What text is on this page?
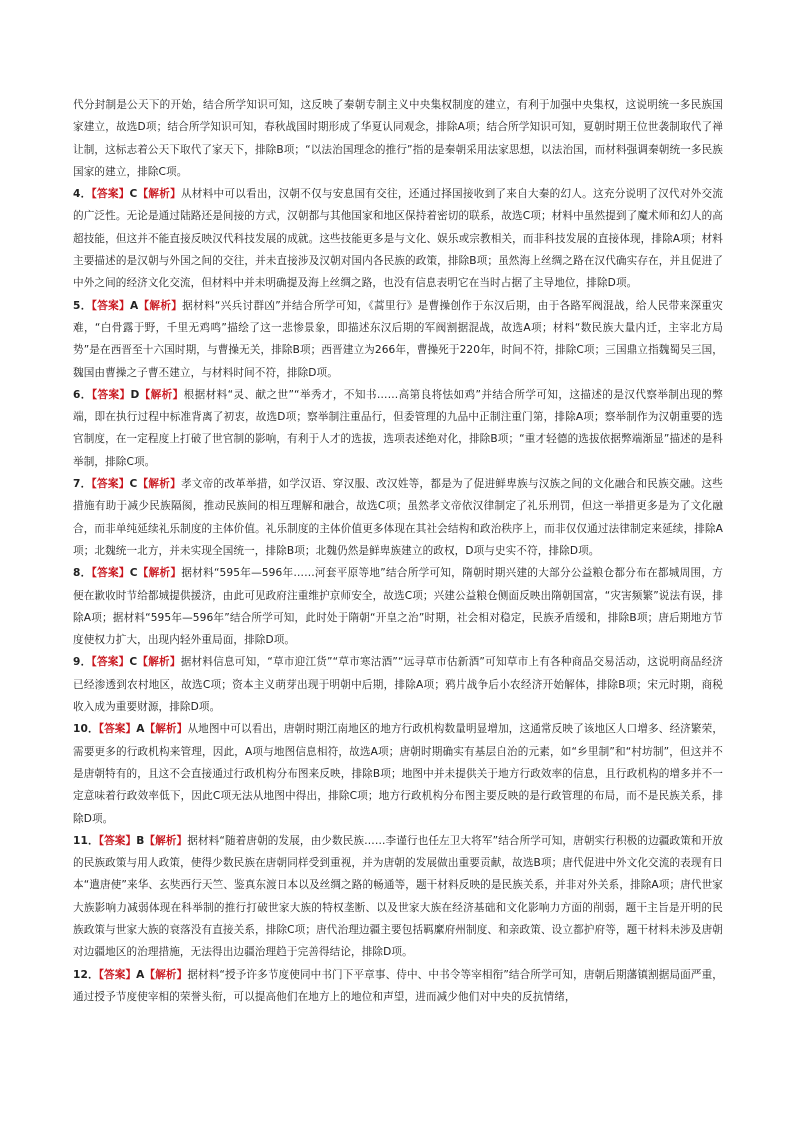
代分封制是公天下的开始，结合所学知识可知，这反映了秦朝专制主义中央集权制度的建立，有利于加强中央集权，这说明统一多民族国家建立，故选D项；结合所学知识可知，春秋战国时期形成了华夏认同观念，排除A项；结合所学知识可知，夏朝时期王位世袭制取代了禅让制，这标志着公天下取代了家天下，排除B项；“以法治国理念的推行”指的是秦朝采用法家思想，以法治国，而材料强调秦朝统一多民族国家的建立，排除C项。

4．【答案】C【解析】从材料中可以看出，汉朝不仅与安息国有交往，还通过择国接收到了来自大秦的幻人。这充分说明了汉代对外交流的广泛性。无论是通过陆路还是间接的方式，汉朝都与其他国家和地区保持着密切的联系，故选C项；材料中虽然提到了魔术师和幻人的高超技能，但这并不能直接反映汉代科技发展的成就。这些技能更多是与文化、娱乐或宗教相关，而非科技发展的直接体现，排除A项；材料主要描述的是汉朝与外国之间的交往，并未直接涉及汉朝对国内各民族的政策，排除B项；虽然海上丝绸之路在汉代确实存在，并且促进了中外之间的经济文化交流，但材料中并未明确提及海上丝绸之路，也没有信息表明它在当时占据了主导地位，排除D项。

5．【答案】A【解析】据材料“兴兵讨群凶”并结合所学可知，《蒿里行》是曹操创作于东汉后期，由于各路军阀混战，给人民带来深重灾难，“白骨露于野，千里无鸡鸣”描绘了这一悲惨景象，即描述东汉后期的军阀割据混战，故选A项；材料“数民族大量内迁，主宰北方局势”是在西晋至十六国时期，与曹操无关，排除B项；西晋建立为266年，曹操死于220年，时间不符，排除C项；三国鼎立指魏蜀吴三国，魏国由曹操之子曹丕建立，与材料时间不符，排除D项。

6．【答案】D【解析】根据材料“灵、献之世”“举秀才，不知书……高第良将怯如鸡”并结合所学可知，这描述的是汉代察举制出现的弊端，即在执行过程中标准背离了初衷，故选D项；察举制注重品行，但委管理的九品中正制注重门第，排除A项；察举制作为汉朝重要的选官制度，在一定程度上打破了世官制的影响，有利于人才的选拔，选项表述绝对化，排除B项；“重才轻德的选拔依据弊端渐显”描述的是科举制，排除C项。

7．【答案】C【解析】孝文帝的改革举措，如学汉语、穿汉服、改汉姓等，都是为了促进鲜卑族与汉族之间的文化融合和民族交融。这些措施有助于减少民族隔阂，推动民族间的相互理解和融合，故选C项；虽然孝文帝依汉律制定了礼乐刑罚，但这一举措更多是为了文化融合，而非单纯延续礼乐制度的主体价值。礼乐制度的主体价值更多体现在其社会结构和政治秩序上，而非仅仅通过法律制定来延续，排除A项；北魏统一北方，并未实现全国统一，排除B项；北魏仍然是鲜卑族建立的政权，D项与史实不符，排除D项。

8．【答案】C【解析】据材料“595年—596年……河套平原等地”结合所学可知，隋朝时期兴建的大部分公益粮仓都分布在都城周围，方便在歉收时节给都城提供援济，由此可见政府注重维护京师安全，故选C项；兴建公益粮仓侧面反映出隋朝国富，“灾害频繁”说法有误，排除A项；据材料“595年—596年”结合所学可知，此时处于隋朝“开皇之治”时期，社会相对稳定，民族矛盾缓和，排除B项；唐后期地方节度使权力扩大，出现内轻外重局面，排除D项。

9．【答案】C【解析】据材料信息可知，“草市迎江货”“草市寒沽酒”“远寻草市估新酒”可知草市上有各种商品交易活动，这说明商品经济已经渗透到农村地区，故选C项；资本主义萌芽出现于明朝中后期，排除A项；鸦片战争后小农经济开始解体，排除B项；宋元时期，商税收入成为重要财源，排除D项。

10．【答案】A【解析】从地图中可以看出，唐朝时期江南地区的地方行政机构数量明显增加，这通常反映了该地区人口增多、经济繁荣，需要更多的行政机构来管理，因此，A项与地图信息相符，故选A项；唐朝时期确实有基层自治的元素，如“乡里制”和“村坊制”，但这并不是唐朝特有的，且这不会直接通过行政机构分布图来反映，排除B项；地图中并未提供关于地方行政效率的信息，且行政机构的增多并不一定意味着行政效率低下，因此C项无法从地图中得出，排除C项；地方行政机构分布图主要反映的是行政管理的布局，而不是民族关系，排除D项。

11．【答案】B【解析】据材料“随着唐朝的发展，由少数民族……李谨行也任左卫大将军”结合所学可知，唐朝实行积极的边疆政策和开放的民族政策与用人政策，使得少数民族在唐朝同样受到重视，并为唐朝的发展做出重要贡献，故选B项；唐代促进中外文化交流的表现有日本“遣唐使”来华、玄奘西行天竺、鉴真东渡日本以及丝绸之路的畅通等，题干材料反映的是民族关系，并非对外关系，排除A项；唐代世家大族影响力减弱体现在科举制的推行打破世家大族的特权垄断、以及世家大族在经济基础和文化影响力方面的削弱，题干主旨是开明的民族政策与世家大族的衰落没有直接关系，排除C项；唐代治理边疆主要包括羁縻府州制度、和亲政策、设立都护府等，题干材料未涉及唐朝对边疆地区的治理措施，无法得出边疆治理趋于完善得结论，排除D项。

12．【答案】A【解析】据材料“授予许多节度使同中书门下平章事、侍中、中书令等宰相衔”结合所学可知，唐朝后期藩镇割据局面严重，通过授予节度使宰相的荣誉头衔，可以提高他们在地方上的地位和声望，进而减少他们对中央的反抗情绪，
